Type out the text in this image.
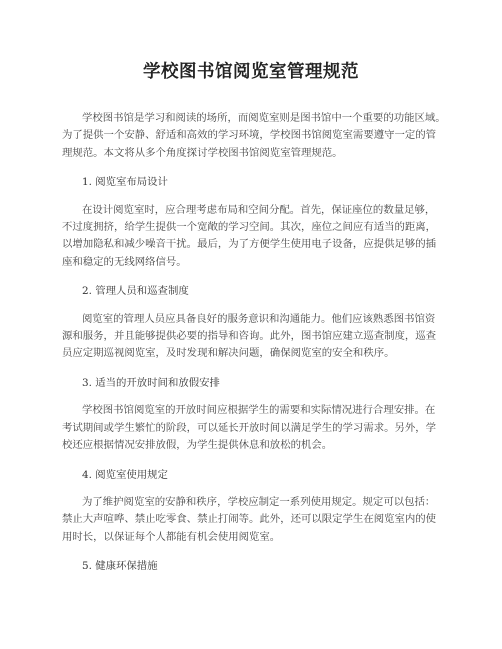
学校图书馆阅览室管理规范

学校图书馆是学习和阅读的场所，而阅览室则是图书馆中一个重要的功能区域。
为了提供一个安静、舒适和高效的学习环境，学校图书馆阅览室需要遵守一定的管
理规范。本文将从多个角度探讨学校图书馆阅览室管理规范。

1. 阅览室布局设计

在设计阅览室时，应合理考虑布局和空间分配。首先，保证座位的数量足够，
不过度拥挤，给学生提供一个宽敞的学习空间。其次，座位之间应有适当的距离，
以增加隐私和减少噪音干扰。最后，为了方便学生使用电子设备，应提供足够的插
座和稳定的无线网络信号。

2. 管理人员和巡查制度

阅览室的管理人员应具备良好的服务意识和沟通能力。他们应该熟悉图书馆资
源和服务，并且能够提供必要的指导和咨询。此外，图书馆应建立巡查制度，巡查
员应定期巡视阅览室，及时发现和解决问题，确保阅览室的安全和秩序。

3. 适当的开放时间和放假安排

学校图书馆阅览室的开放时间应根据学生的需要和实际情况进行合理安排。在
考试期间或学生繁忙的阶段，可以延长开放时间以满足学生的学习需求。另外，学
校还应根据情况安排放假，为学生提供休息和放松的机会。

4. 阅览室使用规定

为了维护阅览室的安静和秩序，学校应制定一系列使用规定。规定可以包括：
禁止大声喧哗、禁止吃零食、禁止打闹等。此外，还可以限定学生在阅览室内的使
用时长，以保证每个人都能有机会使用阅览室。

5. 健康环保措施
